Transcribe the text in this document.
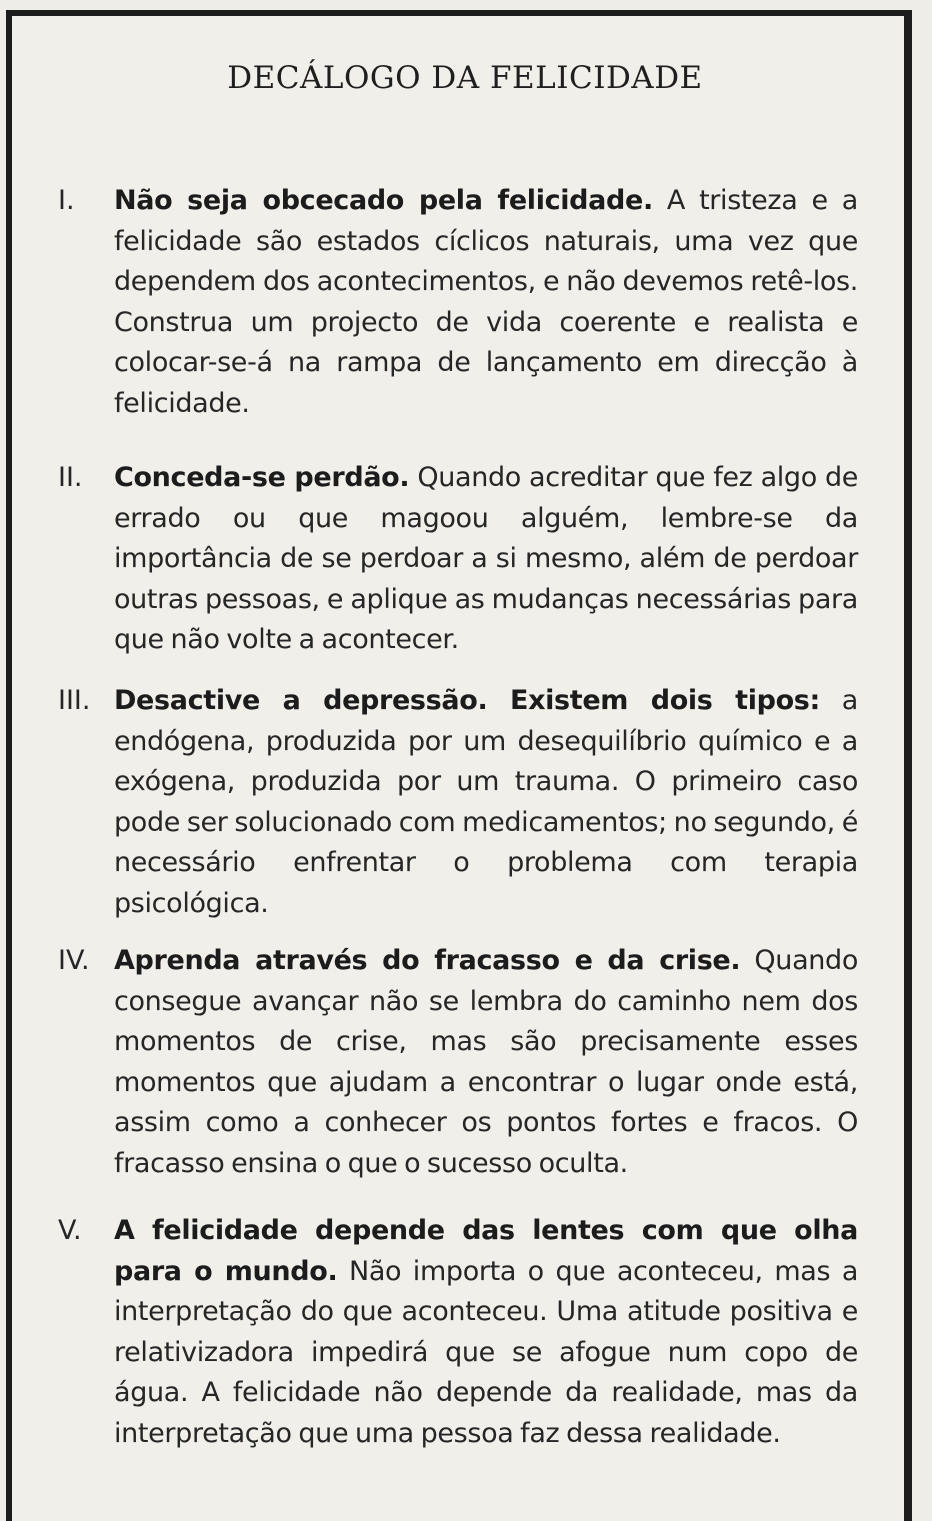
DECÁLOGO DA FELICIDADE
I.	Não seja obcecado pela felicidade. A tristeza e a felicidade são estados cíclicos naturais, uma vez que dependem dos acontecimentos, e não devemos retê-los. Construa um projecto de vida coerente e realista e colocar-se-á na rampa de lançamento em direcção à felicidade.
II.	Conceda-se perdão. Quando acreditar que fez algo de errado ou que magoou alguém, lembre-se da importância de se perdoar a si mesmo, além de perdoar outras pessoas, e aplique as mudanças necessárias para que não volte a acontecer.
III. Desactive a depressão. Existem dois tipos: a endógena, produzida por um desequilíbrio químico e a exógena, produzida por um trauma. O primeiro caso pode ser solucionado com medicamentos; no segundo, é necessário enfrentar o problema com terapia psicológica.
IV. Aprenda através do fracasso e da crise. Quando consegue avançar não se lembra do caminho nem dos momentos de crise, mas são precisamente esses momentos que ajudam a encontrar o lugar onde está, assim como a conhecer os pontos fortes e fracos. O fracasso ensina o que o sucesso oculta.
V.	A felicidade depende das lentes com que olha para o mundo. Não importa o que aconteceu, mas a interpretação do que aconteceu. Uma atitude positiva e relativizadora impedirá que se afogue num copo de água. A felicidade não depende da realidade, mas da interpretação que uma pessoa faz dessa realidade.
